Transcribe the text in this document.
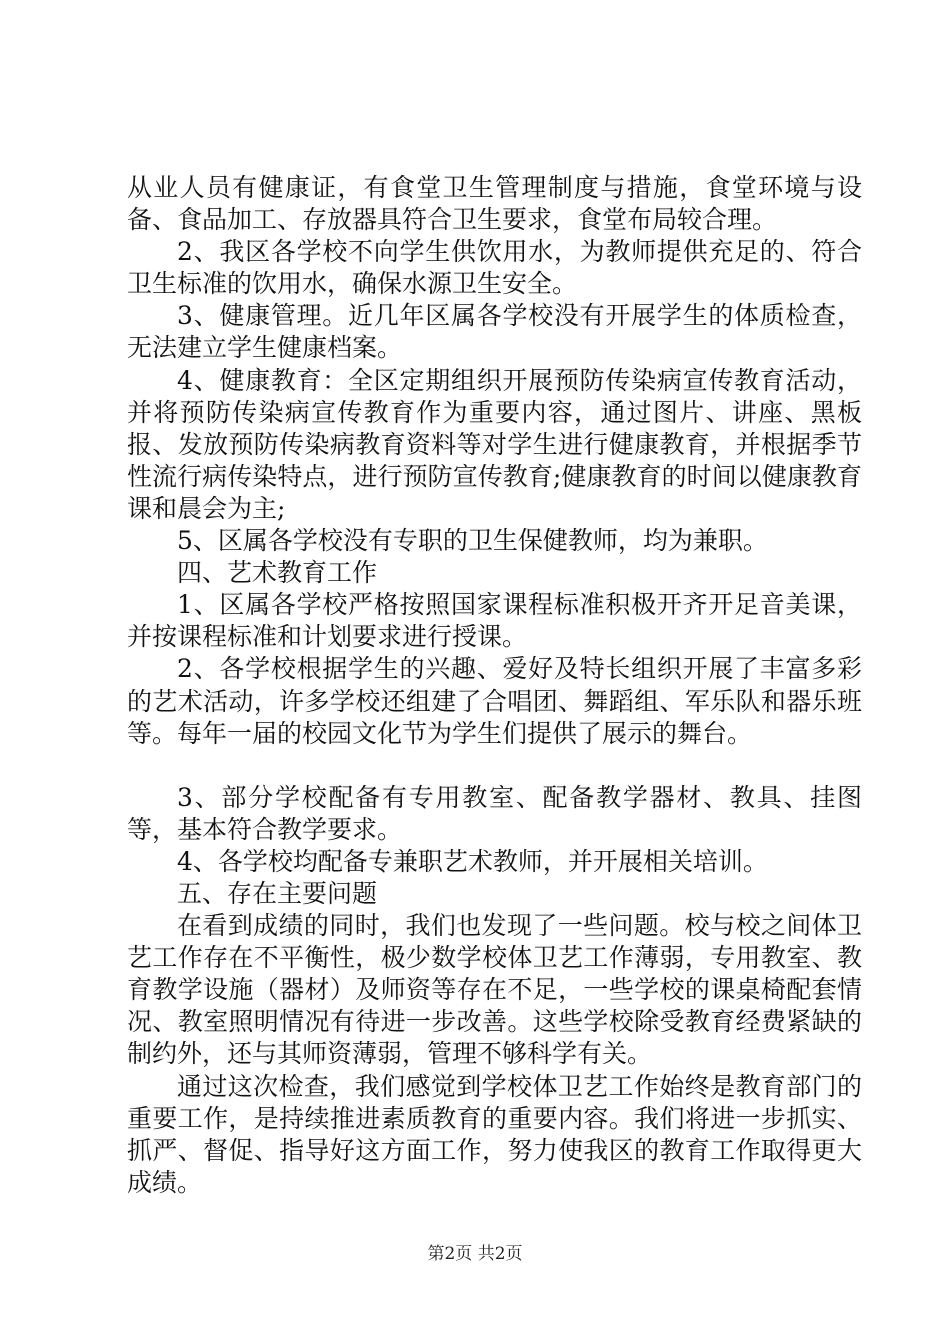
从业人员有健康证，有食堂卫生管理制度与措施，食堂环境与设备、食品加工、存放器具符合卫生要求，食堂布局较合理。

2、我区各学校不向学生供饮用水，为教师提供充足的、符合卫生标准的饮用水，确保水源卫生安全。

3、健康管理。近几年区属各学校没有开展学生的体质检查，无法建立学生健康档案。

4、健康教育：全区定期组织开展预防传染病宣传教育活动，并将预防传染病宣传教育作为重要内容，通过图片、讲座、黑板报、发放预防传染病教育资料等对学生进行健康教育，并根据季节性流行病传染特点，进行预防宣传教育;健康教育的时间以健康教育课和晨会为主;

5、区属各学校没有专职的卫生保健教师，均为兼职。

四、艺术教育工作

1、区属各学校严格按照国家课程标准积极开齐开足音美课，并按课程标准和计划要求进行授课。

2、各学校根据学生的兴趣、爱好及特长组织开展了丰富多彩的艺术活动，许多学校还组建了合唱团、舞蹈组、军乐队和器乐班等。每年一届的校园文化节为学生们提供了展示的舞台。

3、部分学校配备有专用教室、配备教学器材、教具、挂图等，基本符合教学要求。

4、各学校均配备专兼职艺术教师，并开展相关培训。

五、存在主要问题

在看到成绩的同时，我们也发现了一些问题。校与校之间体卫艺工作存在不平衡性，极少数学校体卫艺工作薄弱，专用教室、教育教学设施（器材）及师资等存在不足，一些学校的课桌椅配套情况、教室照明情况有待进一步改善。这些学校除受教育经费紧缺的制约外，还与其师资薄弱，管理不够科学有关。

通过这次检查，我们感觉到学校体卫艺工作始终是教育部门的重要工作，是持续推进素质教育的重要内容。我们将进一步抓实、抓严、督促、指导好这方面工作，努力使我区的教育工作取得更大成绩。

第2页 共2页
